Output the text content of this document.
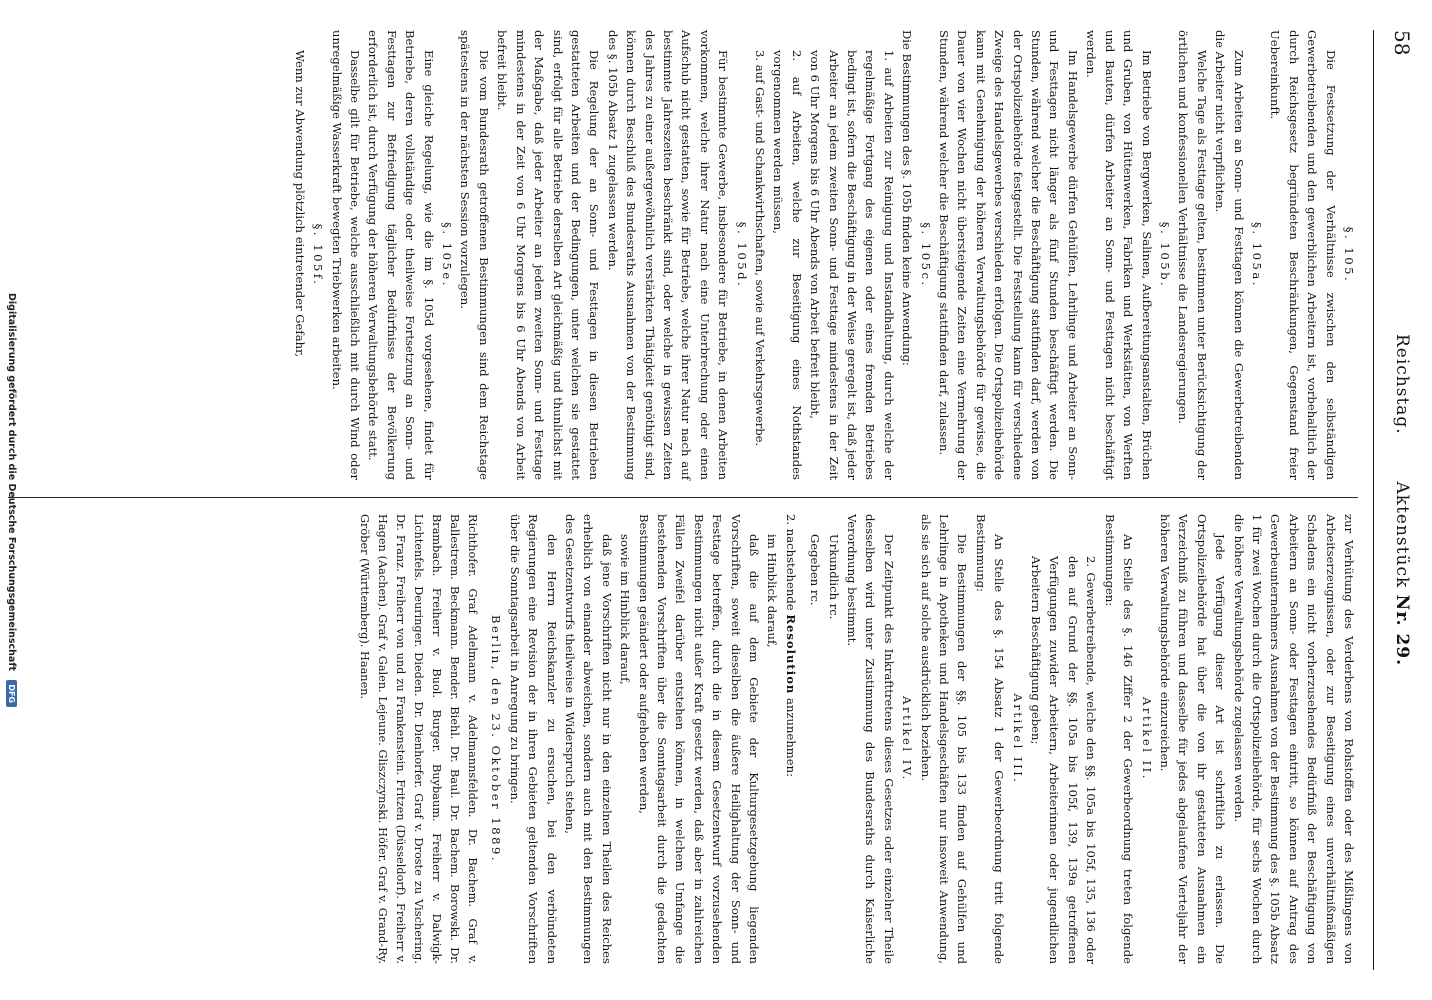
58
Reichstag.  Aktenstück Nr. 29.

§. 105.

Die Festsetzung der Verhältnisse zwischen den selbständigen Gewerbetreibenden und den gewerblichen Arbeitern ist, vorbehaltlich der durch Reichsgesetz begründeten Beschränkungen, Gegenstand freier Uebereinkunft.

§. 105a.

Zum Arbeiten an Sonn- und Festtagen können die Gewerbetreibenden die Arbeiter nicht verpflichten.

Welche Tage als Festtage gelten, bestimmen unter Berücksichtigung der örtlichen und konfessionellen Verhältnisse die Landesregierungen.

§. 105b.

Im Betriebe von Bergwerken, Salinen, Aufbereitungsanstalten, Brüchen und Gruben, von Hüttenwerken, Fabriken und Werkstätten, von Werften und Bauten, dürfen Arbeiter an Sonn- und Festtagen nicht beschäftigt werden.

Im Handelsgewerbe dürfen Gehülfen, Lehrlinge und Arbeiter an Sonn- und Festtagen nicht länger als fünf Stunden beschäftigt werden. Die Stunden, während welcher die Beschäftigung stattfinden darf, werden von der Ortspolizeibehörde festgestellt. Die Feststellung kann für verschiedene Zweige des Handelsgewerbes verschieden erfolgen. Die Ortspolizeibehörde kann mit Genehmigung der höheren Verwaltungsbehörde für gewisse, die Dauer von vier Wochen nicht übersteigende Zeiten eine Vermehrung der Stunden, während welcher die Beschäftigung stattfinden darf, zulassen.

§. 105c.

Die Bestimmungen des §. 105b finden keine Anwendung:

1. auf Arbeiten zur Reinigung und Instandhaltung, durch welche der regelmäßige Fortgang des eigenen oder eines fremden Betriebes bedingt ist, sofern die Beschäftigung in der Weise geregelt ist, daß jeder Arbeiter an jedem zweiten Sonn- und Festtage mindestens in der Zeit von 6 Uhr Morgens bis 6 Uhr Abends von Arbeit befreit bleibt,

2. auf Arbeiten, welche zur Beseitigung eines Nothstandes vorgenommen werden müssen,

3. auf Gast- und Schankwirthschaften, sowie auf Verkehrsgewerbe.

§. 105d.

Für bestimmte Gewerbe, insbesondere für Betriebe, in denen Arbeiten vorkommen, welche ihrer Natur nach eine Unterbrechung oder einen Aufschub nicht gestatten, sowie für Betriebe, welche ihrer Natur nach auf bestimmte Jahreszeiten beschränkt sind, oder welche in gewissen Zeiten des Jahres zu einer außergewöhnlich verstärkten Thätigkeit genöthigt sind, können durch Beschluß des Bundesraths Ausnahmen von der Bestimmung des §. 105b Absatz 1 zugelassen werden.

Die Regelung der an Sonn- und Festtagen in diesen Betrieben gestatteten Arbeiten und der Bedingungen, unter welchen sie gestattet sind, erfolgt für alle Betriebe derselben Art gleichmäßig und thunlichst mit der Maßgabe, daß jeder Arbeiter an jedem zweiten Sonn- und Festtage mindestens in der Zeit von 6 Uhr Morgens bis 6 Uhr Abends von Arbeit befreit bleibt.

Die vom Bundesrath getroffenen Bestimmungen sind dem Reichstage spätestens in der nächsten Session vorzulegen.

§. 105e.

Eine gleiche Regelung, wie die im §. 105d vorgesehene, findet für Betriebe, deren vollständige oder theilweise Fortsetzung an Sonn- und Festtagen zur Befriedigung täglicher Bedürfnisse der Bevölkerung erforderlich ist, durch Verfügung der höheren Verwaltungsbehörde statt.

Dasselbe gilt für Betriebe, welche ausschließlich mit durch Wind oder unregelmäßige Wasserkraft bewegten Triebwerken arbeiten.

§. 105f.

Wenn zur Abwendung plötzlich eintretender Gefahr,

zur Verhütung des Verderbens von Rohstoffen oder des Mißlingens von Arbeitserzeugnissen, oder zur Beseitigung eines unverhältnißmäßigen Schadens ein nicht vorherzusehendes Bedürfniß der Beschäftigung von Arbeitern an Sonn- oder Festtagen eintritt, so können auf Antrag des Gewerbeunternehmers Ausnahmen von der Bestimmung des §. 105b Absatz 1 für zwei Wochen durch die Ortspolizeibehörde, für sechs Wochen durch die höhere Verwaltungsbehörde zugelassen werden.

Jede Verfügung dieser Art ist schriftlich zu erlassen. Die Ortspolizeibehörde hat über die von ihr gestatteten Ausnahmen ein Verzeichniß zu führen und dasselbe für jedes abgelaufene Vierteljahr der höheren Verwaltungsbehörde einzureichen.

Artikel II.

An Stelle des §. 146 Ziffer 2 der Gewerbeordnung treten folgende Bestimmungen:

2. Gewerbetreibende, welche den §§. 105a bis 105f, 135, 136 oder den auf Grund der §§. 105a bis 105f, 139, 139a getroffenen Verfügungen zuwider Arbeitern, Arbeiterinnen oder jugendlichen Arbeitern Beschäftigung geben;

Artikel III.

An Stelle des §. 154 Absatz 1 der Gewerbeordnung tritt folgende Bestimmung:

Die Bestimmungen der §§. 105 bis 133 finden auf Gehülfen und Lehrlinge in Apotheken und Handelsgeschäften nur insoweit Anwendung, als sie sich auf solche ausdrücklich beziehen.

Artikel IV.

Der Zeitpunkt des Inkrafttretens dieses Gesetzes oder einzelner Theile desselben wird unter Zustimmung des Bundesraths durch Kaiserliche Verordnung bestimmt.

Urkundlich rc.

Gegeben rc.

2. nachstehende Resolution anzunehmen:

im Hinblick darauf,

daß die auf dem Gebiete der Kulturgesetzgebung liegenden Vorschriften, soweit dieselben die äußere Heilighaltung der Sonn- und Festtage betreffen, durch die in diesem Gesetzentwurf vorzusehenden Bestimmungen nicht außer Kraft gesetzt werden, daß aber in zahlreichen Fällen Zweifel darüber entstehen können, in welchem Umfange die bestehenden Vorschriften über die Sonntagsarbeit durch die gedachten Bestimmungen geändert oder aufgehoben werden,

sowie im Hinblick darauf,

daß jene Vorschriften nicht nur in den einzelnen Theilen des Reiches erheblich von einander abweichen, sondern auch mit den Bestimmungen des Gesetzentwurfs theilweise in Widerspruch stehen,

den Herrn Reichskanzler zu ersuchen, bei den verbündeten Regierungen eine Revision der in ihren Gebieten geltenden Vorschriften über die Sonntagsarbeit in Anregung zu bringen.

Berlin, den 23. Oktober 1889.

Richthofer. Graf Adelmann v. Adelmannsfelden. Dr. Bachem. Graf v. Ballestrem. Beckmann. Bender. Biehl. Dr. Baul. Dr. Bachem. Borowski. Dr. Brambach. Freiherr v. Buol. Burger. Buybaum. Freiherr v. Dalwigk-Lichtenfels. Deuringer. Dieden. Dr. Dienhorfer. Graf v. Droste zu Vischering. Dr. Franz. Freiherr von und zu Frankenstein. Fritzen (Düsseldorf). Freiherr v. Hagen (Aachen). Graf v. Galen. Lejeune. Gliszczynski. Höfer. Graf v. Grand-Ry. Gröber (Württemberg). Haanen.

Digitalisierung gefördert durch die Deutsche Forschungsgemeinschaft DFG
